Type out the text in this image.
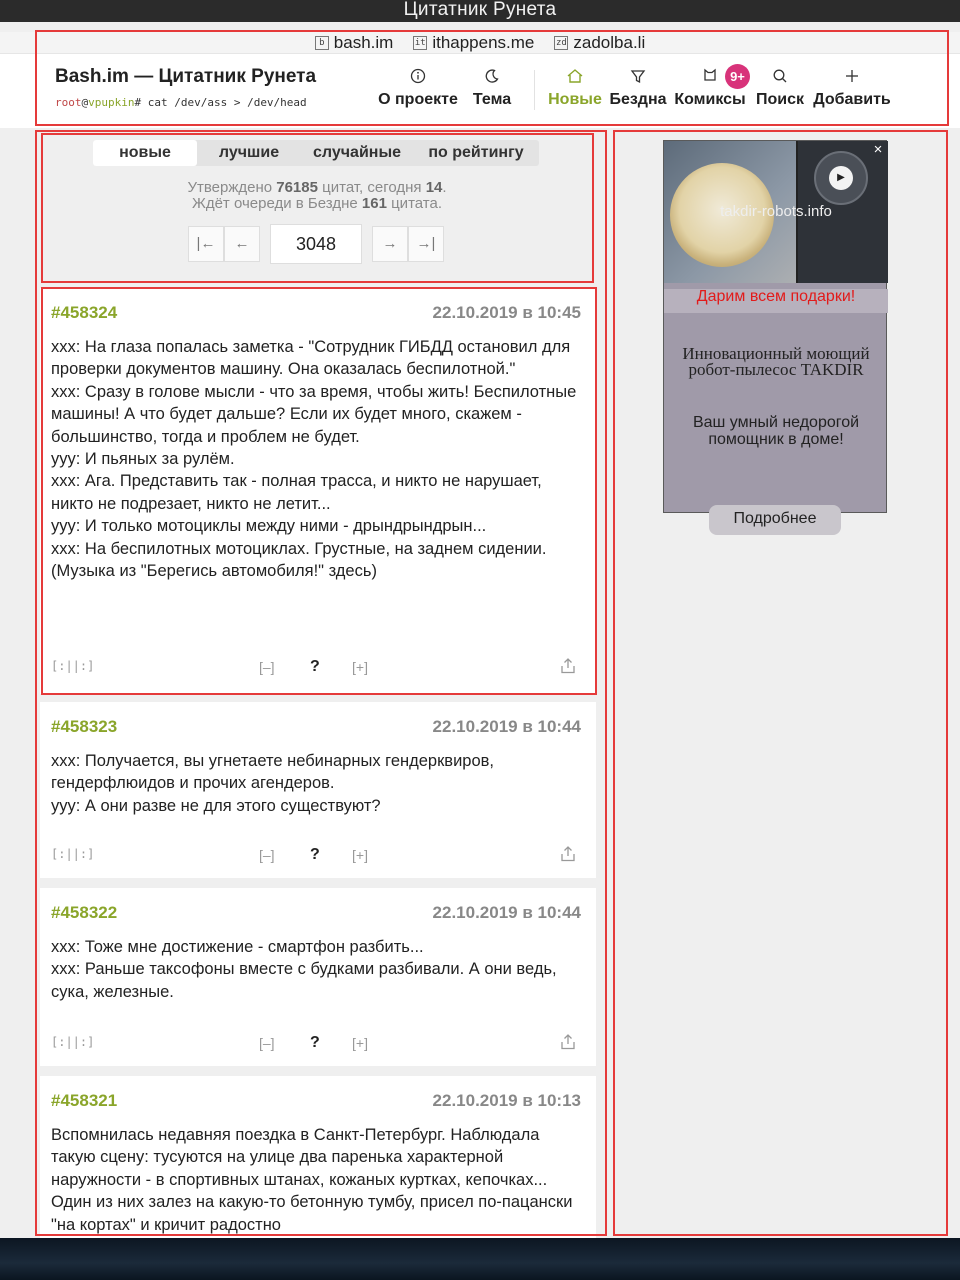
Цитатник Рунета
b bash.im it ithappens.me zd zadolba.li
Bash.im — Цитатник Рунета
root@vpupkin# cat /dev/ass > /dev/head	О проекте Тема	Новые Бездна Комиксы Поиск Добавить
9+
новые	лучшие	случайные	по рейтингу
Утверждено 76185 цитат, сегодня 14.
Ждёт очереди в Бездне 161 цитата.
|←	←	3048	→	→|
#458324	22.10.2019 в 10:45
xxx: На глаза попалась заметка - "Сотрудник ГИБДД остановил для проверки документов машину. Она оказалась беспилотной."
xxx: Сразу в голове мысли - что за время, чтобы жить! Беспилотные машины! А что будет дальше? Если их будет много, скажем - большинство, тогда и проблем не будет.
ууу: И пьяных за рулём.
xxx: Ага. Представить так - полная трасса, и никто не нарушает, никто не подрезает, никто не летит...
ууу: И только мотоциклы между ними - дрындрындрын...
xxx: На беспилотных мотоциклах. Грустные, на заднем сидении.
(Музыка из "Берегись автомобиля!" здесь)
[:||:]	[–] ? [+]
#458323	22.10.2019 в 10:44
xxx: Получается, вы угнетаете небинарных гендерквиров, гендерфлюидов и прочих агендеров.
ууу: А они разве не для этого существуют?
[:||:]	[–] ? [+]
#458322	22.10.2019 в 10:44
xxx: Тоже мне достижение - смартфон разбить...
xxx: Раньше таксофоны вместе с будками разбивали. А они ведь, сука, железные.
[:||:]	[–] ? [+]
#458321	22.10.2019 в 10:13
Вспомнилась недавняя поездка в Санкт-Петербург. Наблюдала такую сцену: тусуются на улице два паренька характерной наружности - в спортивных штанах, кожаных куртках, кепочках... Один из них залез на какую-то бетонную тумбу, присел по-пацански "на кортах" и кричит радостно
▶
takdir-robots.info
×
Дарим всем подарки!
Инновационный моющий робот-пылесос TAKDIR
Ваш умный недорогой помощник в доме!
Подробнее
